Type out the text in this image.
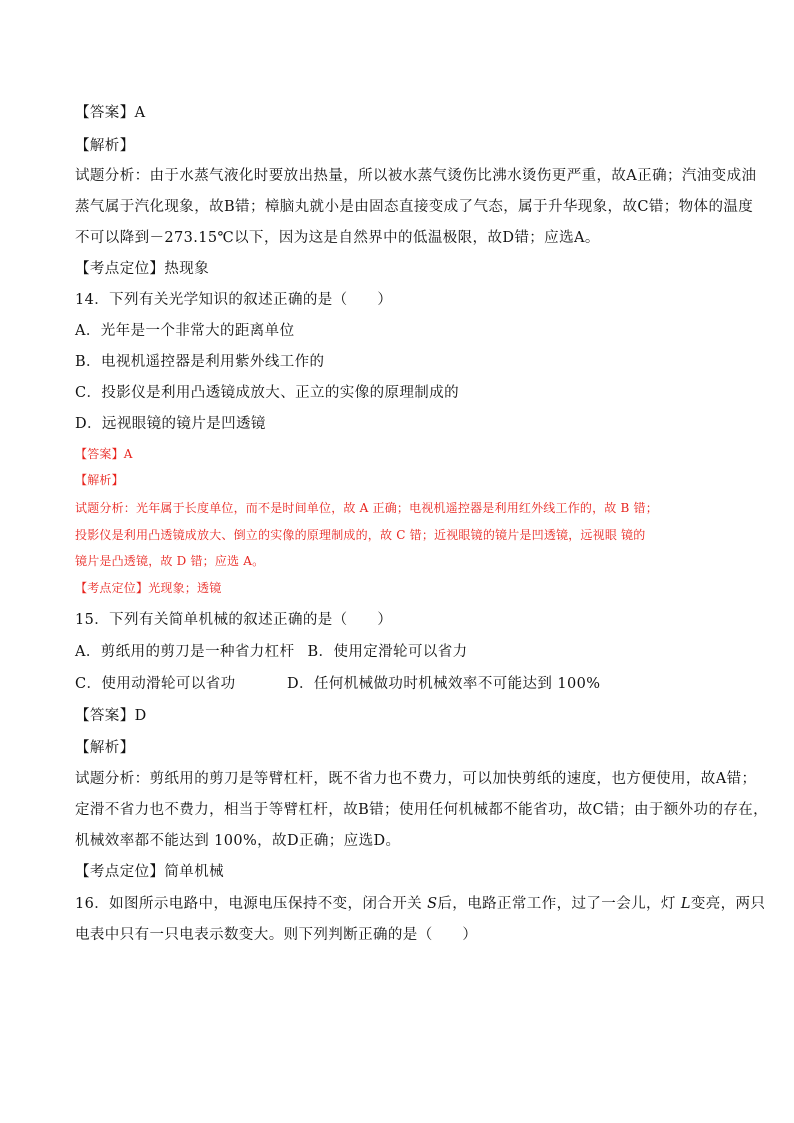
【答案】A
【解析】
试题分析：由于水蒸气液化时要放出热量，所以被水蒸气烫伤比沸水烫伤更严重，故A正确；汽油变成油
蒸气属于汽化现象，故B错；樟脑丸就小是由固态直接变成了气态，属于升华现象，故C错；物体的温度
不可以降到－273.15℃以下，因为这是自然界中的低温极限，故D错；应选A。
【考点定位】热现象
14．下列有关光学知识的叙述正确的是（　　）
A．光年是一个非常大的距离单位
B．电视机遥控器是利用紫外线工作的
C．投影仪是利用凸透镜成放大、正立的实像的原理制成的
D．远视眼镜的镜片是凹透镜
【答案】A
【解析】
试题分析：光年属于长度单位，而不是时间单位，故 A 正确；电视机遥控器是利用红外线工作的，故 B 错；
投影仪是利用凸透镜成放大、倒立的实像的原理制成的，故 C 错；近视眼镜的镜片是凹透镜，远视眼 镜的
镜片是凸透镜，故 D 错；应选 A。
【考点定位】光现象；透镜
15．下列有关简单机械的叙述正确的是（　　）
A．剪纸用的剪刀是一种省力杠杆 B．使用定滑轮可以省力
C．使用动滑轮可以省功	D．任何机械做功时机械效率不可能达到 100%
【答案】D
【解析】
试题分析：剪纸用的剪刀是等臂杠杆，既不省力也不费力，可以加快剪纸的速度，也方便使用，故A错；
定滑不省力也不费力，相当于等臂杠杆，故B错；使用任何机械都不能省功，故C错；由于额外功的存在，
机械效率都不能达到 100%，故D正确；应选D。
【考点定位】简单机械
16．如图所示电路中，电源电压保持不变，闭合开关 S后，电路正常工作，过了一会儿，灯 L变亮，两只
电表中只有一只电表示数变大。则下列判断正确的是（　　）
